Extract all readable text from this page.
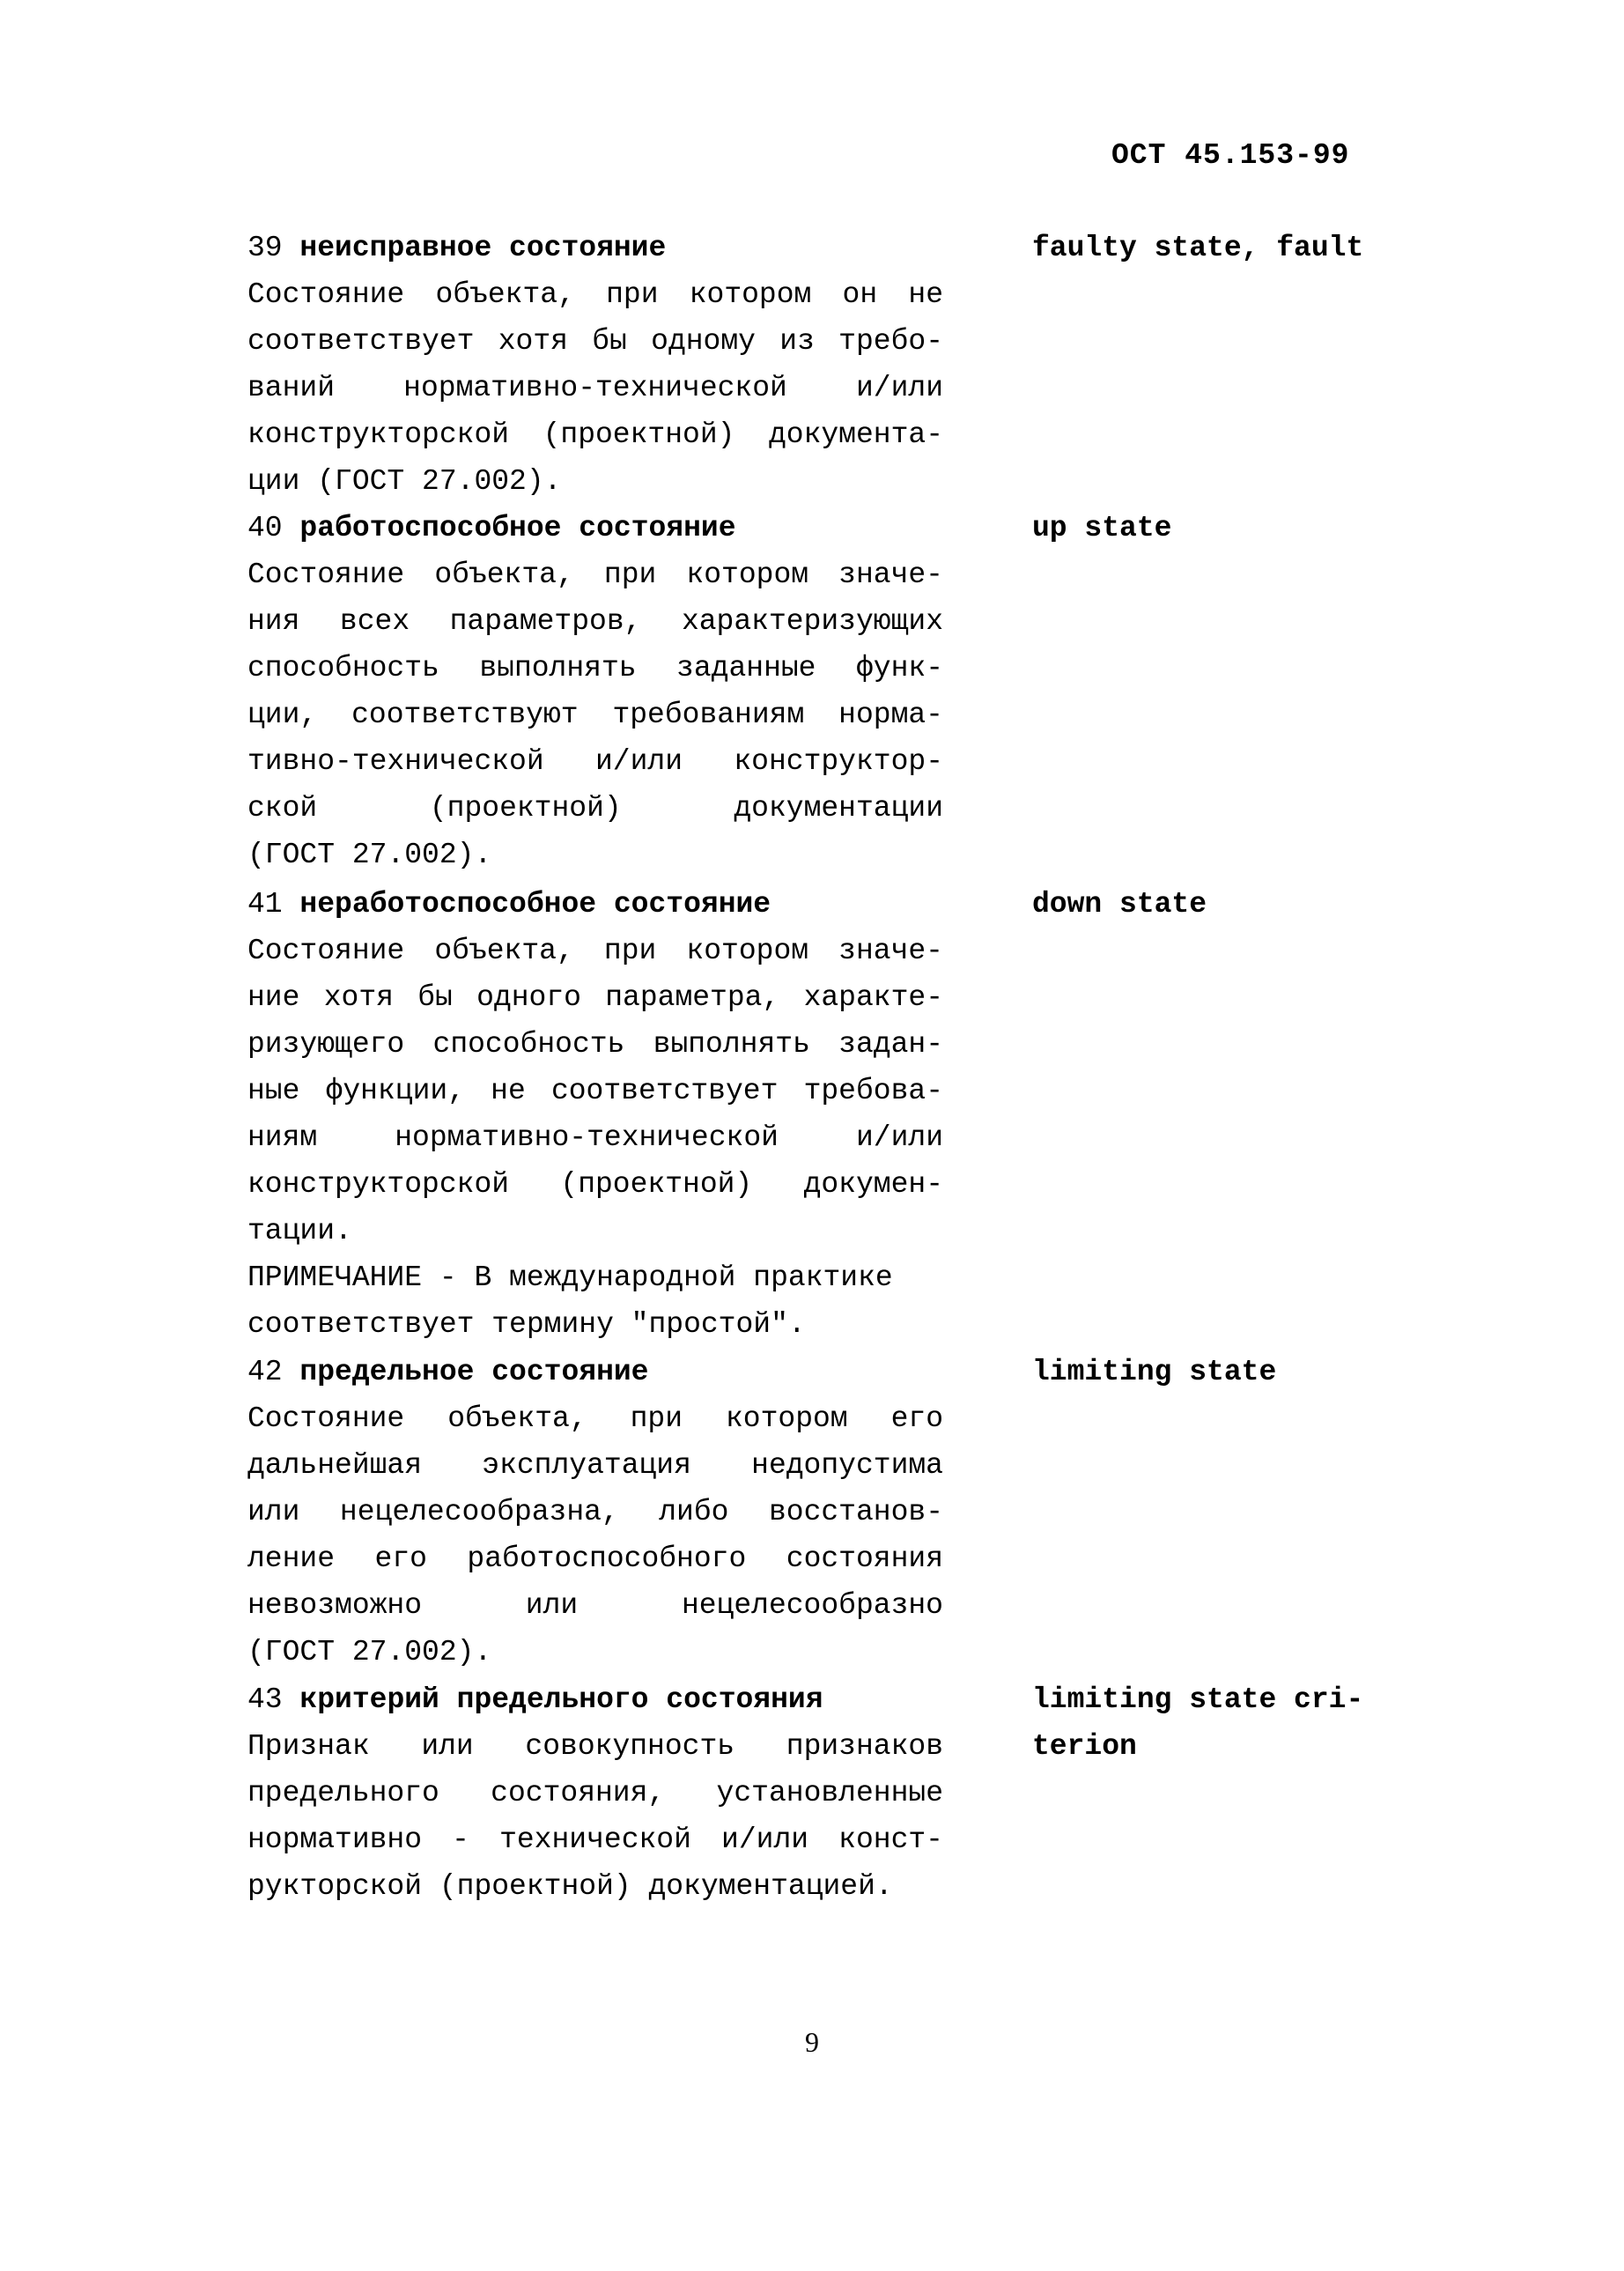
ОСТ 45.153-99
39 неисправное состояние	faulty state, fault

Состояние объекта, при котором он не
соответствует хотя бы одному из требо-
ваний нормативно-технической и/или
конструкторской (проектной) документа-
ции (ГОСТ 27.002).

40 работоспособное состояние	up state

Состояние объекта, при котором значе-
ния всех параметров, характеризующих
способность выполнять заданные функ-
ции, соответствуют требованиям норма-
тивно-технической и/или конструктор-
ской (проектной) документации
(ГОСТ 27.002).

41 неработоспособное состояние	down state

Состояние объекта, при котором значе-
ние хотя бы одного параметра, характе-
ризующего способность выполнять задан-
ные функции, не соответствует требова-
ниям нормативно-технической и/или
конструкторской (проектной) докумен-
тации.

ПРИМЕЧАНИЕ - В международной практике
соответствует термину "простой".

42 предельное состояние	limiting state

Состояние объекта, при котором его
дальнейшая эксплуатация недопустима
или нецелесообразна, либо восстанов-
ление его работоспособного состояния
невозможно или нецелесообразно
(ГОСТ 27.002).

43 критерий предельного состояния	limiting state cri-
terion

Признак или совокупность признаков
предельного состояния, установленные
нормативно - технической и/или конст-
рукторской (проектной) документацией.

9
